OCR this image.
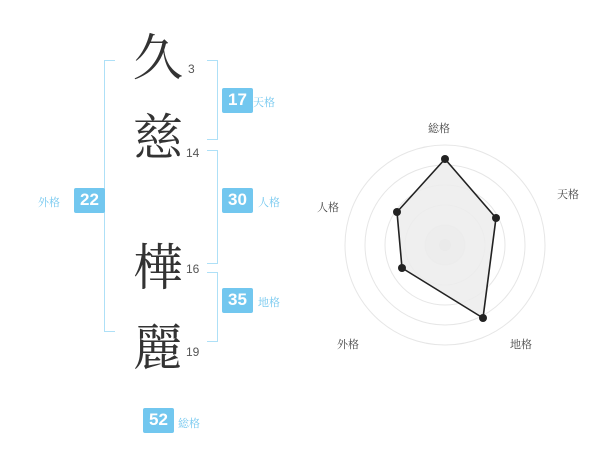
久 3
慈 14
樺 16
麗 19
17 天格
30	人格
35	地格
22
外格
52 総格
総格
天格
地格
外格
人格
